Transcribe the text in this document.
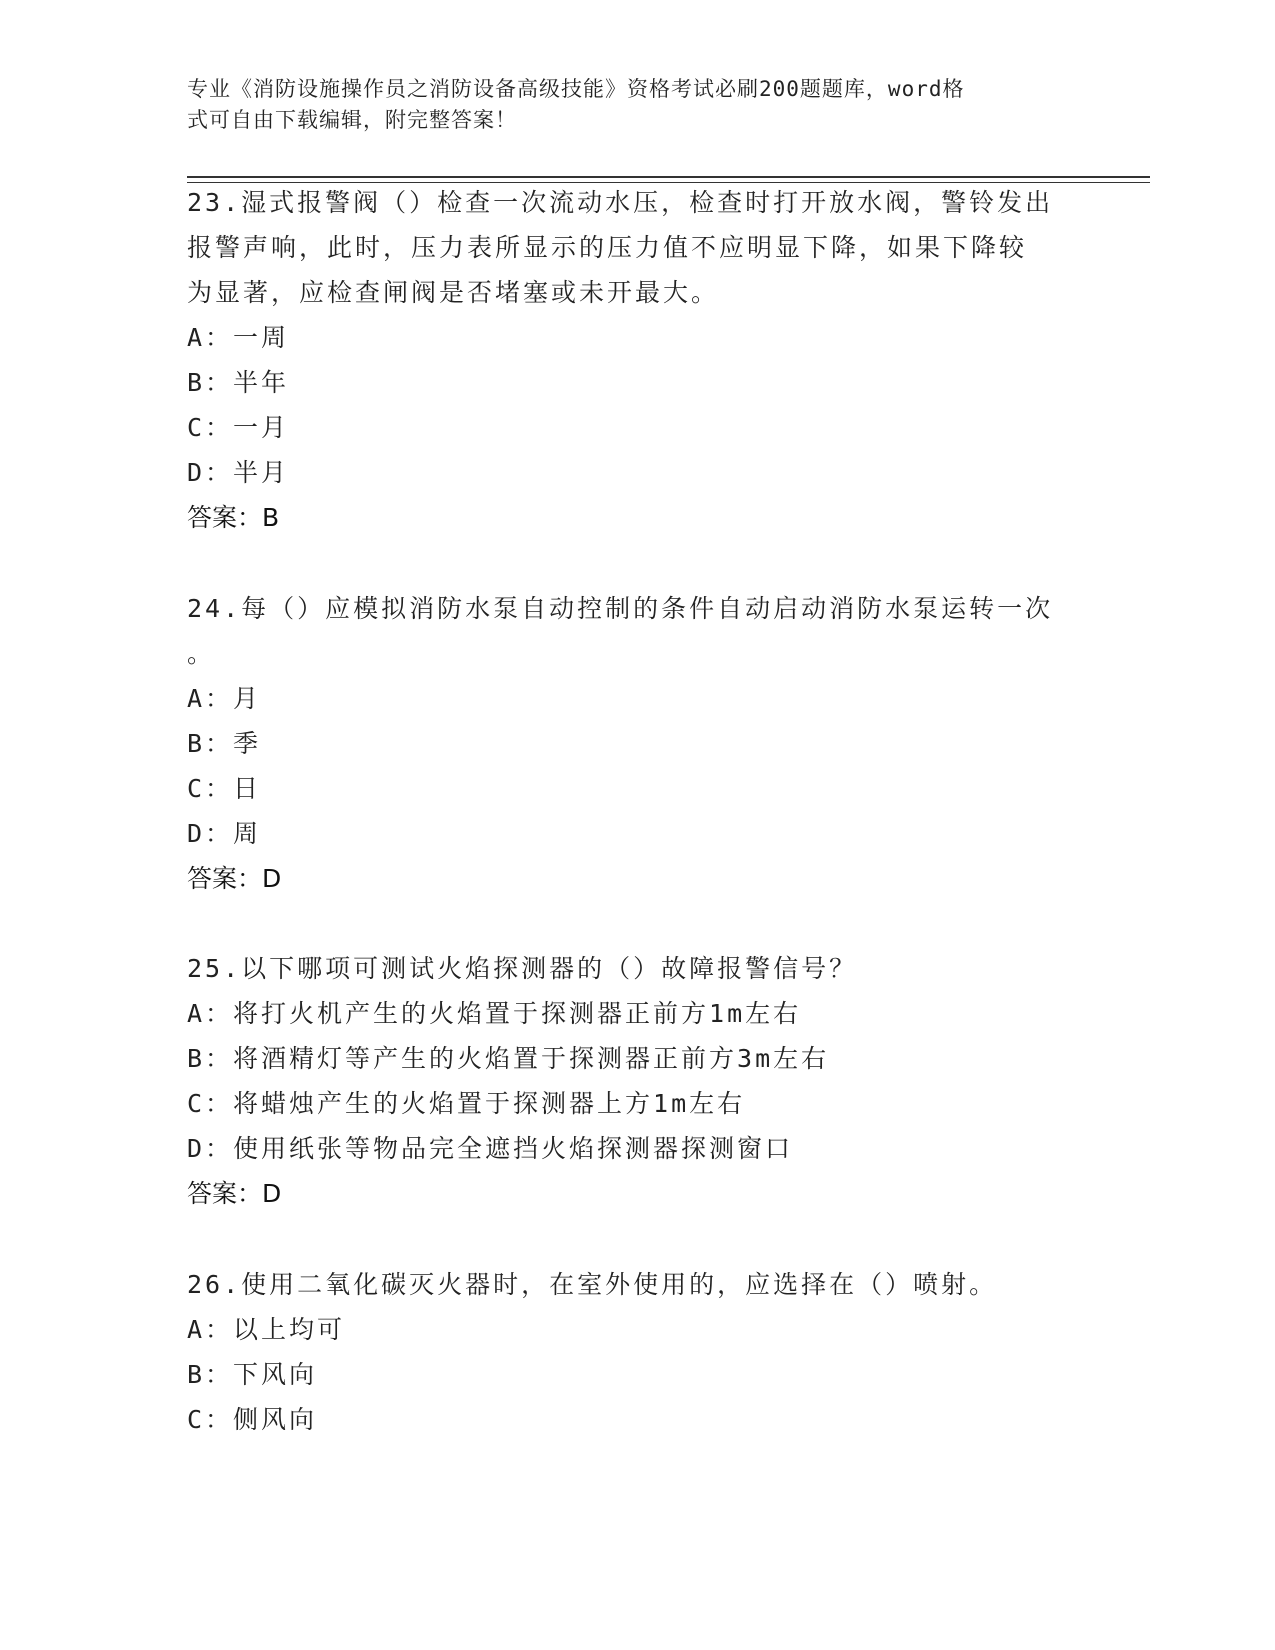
专业《消防设施操作员之消防设备高级技能》资格考试必刷200题题库，word格
式可自由下载编辑，附完整答案！

23.湿式报警阀（）检查一次流动水压，检查时打开放水阀，警铃发出

报警声响，此时，压力表所显示的压力值不应明显下降，如果下降较

为显著，应检查闸阀是否堵塞或未开最大。

A：一周

B：半年

C：一月

D：半月

答案：B

24.每（）应模拟消防水泵自动控制的条件自动启动消防水泵运转一次

。

A：月

B：季

C：日

D：周

答案：D

25.以下哪项可测试火焰探测器的（）故障报警信号？

A：将打火机产生的火焰置于探测器正前方1m左右

B：将酒精灯等产生的火焰置于探测器正前方3m左右

C：将蜡烛产生的火焰置于探测器上方1m左右

D：使用纸张等物品完全遮挡火焰探测器探测窗口

答案：D

26.使用二氧化碳灭火器时，在室外使用的，应选择在（）喷射。

A：以上均可

B：下风向

C：侧风向
